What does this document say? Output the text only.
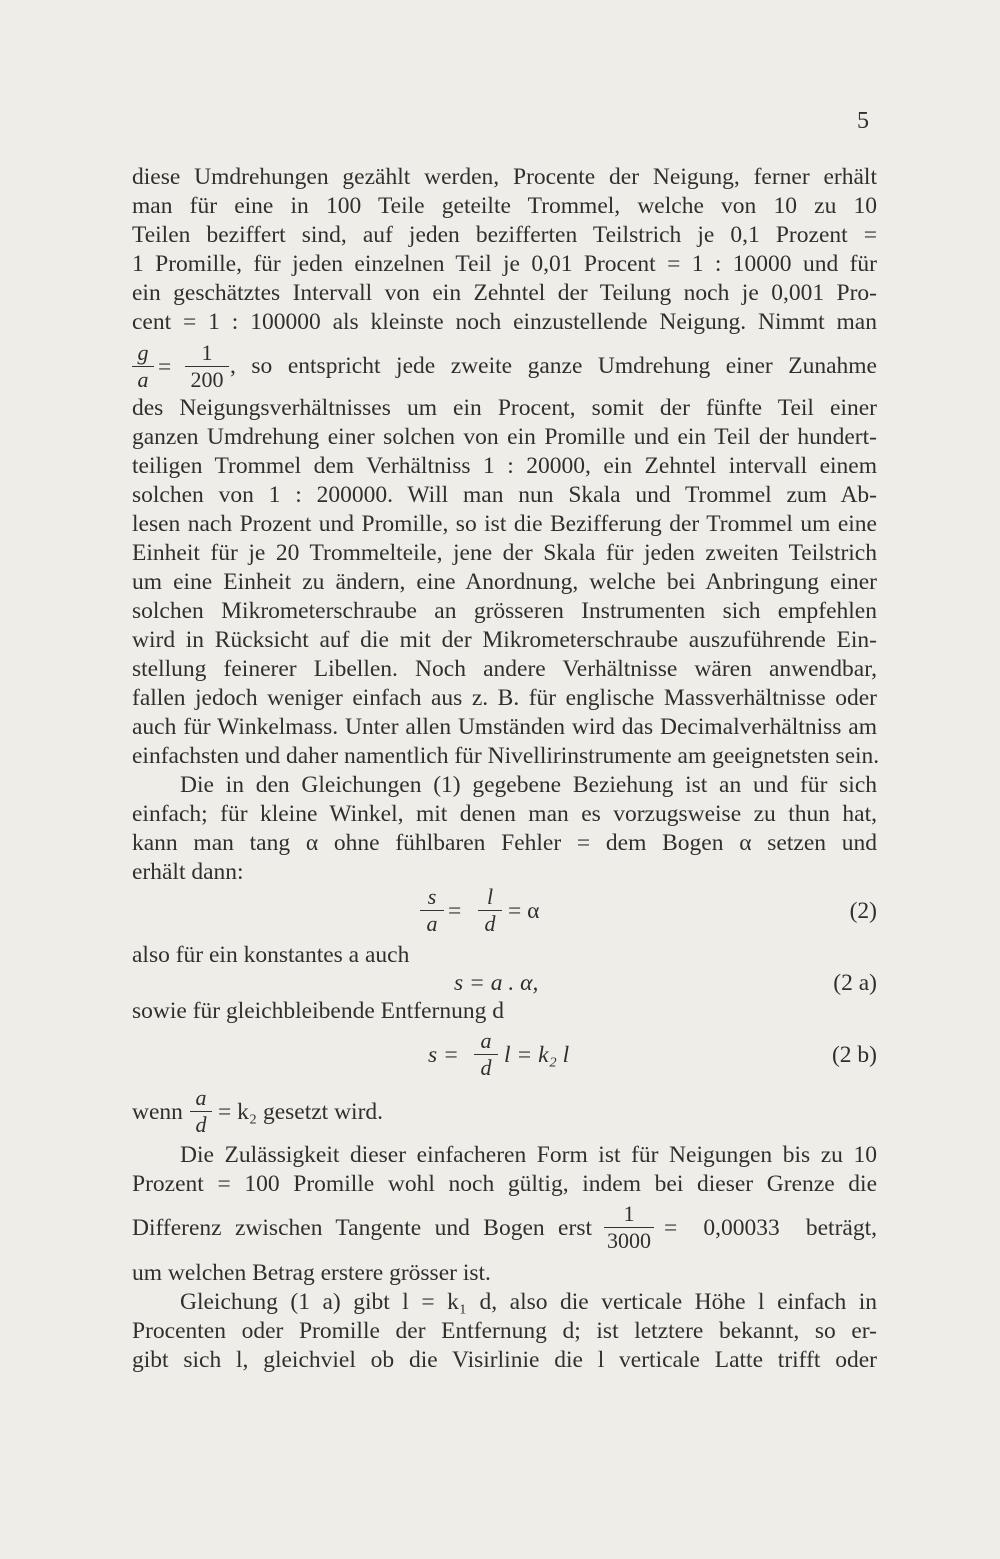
5
diese Umdrehungen gezählt werden, Procente der Neigung, ferner erhält
man für eine in 100 Teile geteilte Trommel, welche von 10 zu 10
Teilen beziffert sind, auf jeden bezifferten Teilstrich je 0,1 Prozent =
1 Promille, für jeden einzelnen Teil je 0,01 Procent = 1 : 10000 und für
ein geschätztes Intervall von ein Zehntel der Teilung noch je 0,001 Pro-
cent = 1 : 100000 als kleinste noch einzustellende Neigung. Nimmt man
$\frac{g}{a} = \frac{1}{200}$ , so entspricht jede zweite ganze Umdrehung einer Zunahme
des Neigungsverhältnisses um ein Procent, somit der fünfte Teil einer
ganzen Umdrehung einer solchen von ein Promille und ein Teil der hundert-
teiligen Trommel dem Verhältniss 1 : 20000, ein Zehntel intervall einem
solchen von 1 : 200000. Will man nun Skala und Trommel zum Ab-
lesen nach Prozent und Promille, so ist die Bezifferung der Trommel um eine
Einheit für je 20 Trommelteile, jene der Skala für jeden zweiten Teilstrich
um eine Einheit zu ändern, eine Anordnung, welche bei Anbringung einer
solchen Mikrometerschraube an grösseren Instrumenten sich empfehlen
wird in Rücksicht auf die mit der Mikrometerschraube auszuführende Ein-
stellung feinerer Libellen. Noch andere Verhältnisse wären anwendbar,
fallen jedoch weniger einfach aus z. B. für englische Massverhältnisse oder
auch für Winkelmass. Unter allen Umständen wird das Decimalverhältniss am
einfachsten und daher namentlich für Nivellirinstrumente am geeignetsten sein.
Die in den Gleichungen (1) gegebene Beziehung ist an und für sich
einfach; für kleine Winkel, mit denen man es vorzugsweise zu thun hat,
kann man tang α ohne fühlbaren Fehler = dem Bogen α setzen und
erhält dann:
$\frac{s}{a} = \frac{l}{d} = \alpha$	(2)
also für ein konstantes a auch
s = a . α,	(2 a)
sowie für gleichbleibende Entfernung d
$s = \frac{a}{d}$ l = k₂ l	(2 b)
wenn $\frac{a}{d} = k_2$ gesetzt wird.
Die Zulässigkeit dieser einfacheren Form ist für Neigungen bis zu 10
Prozent = 100 Promille wohl noch gültig, indem bei dieser Grenze die
Differenz zwischen Tangente und Bogen erst $\frac{1}{3000} = 0,00033$ beträgt,
um welchen Betrag erstere grösser ist.
Gleichung (1 a) gibt l = k₁ d, also die verticale Höhe l einfach in
Procenten oder Promille der Entfernung d; ist letztere bekannt, so er-
gibt sich l, gleichviel ob die Visirlinie die l verticale Latte trifft oder
